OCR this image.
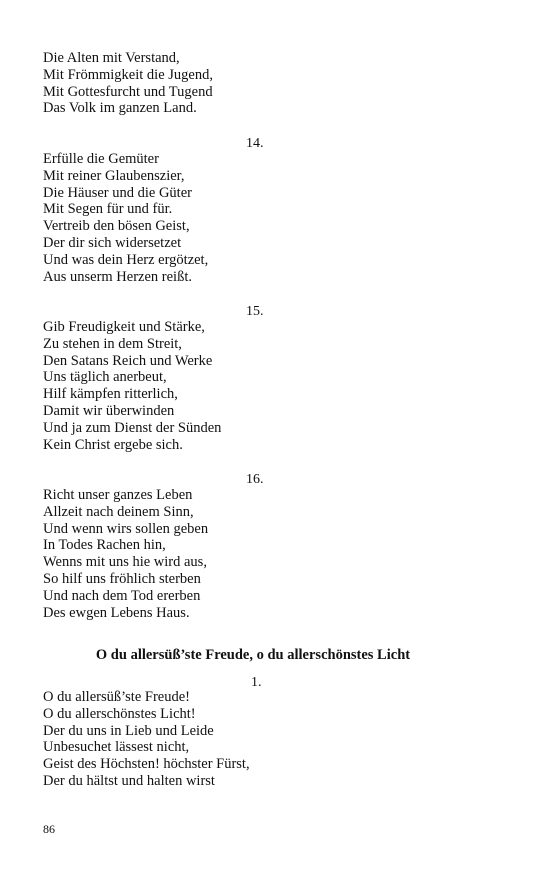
Die Alten mit Verstand,
Mit Frömmigkeit die Jugend,
Mit Gottesfurcht und Tugend
Das Volk im ganzen Land.
14.
Erfülle die Gemüter
Mit reiner Glaubenszier,
Die Häuser und die Güter
Mit Segen für und für.
Vertreib den bösen Geist,
Der dir sich widersetzet
Und was dein Herz ergötzet,
Aus unserm Herzen reißt.
15.
Gib Freudigkeit und Stärke,
Zu stehen in dem Streit,
Den Satans Reich und Werke
Uns täglich anerbeut,
Hilf kämpfen ritterlich,
Damit wir überwinden
Und ja zum Dienst der Sünden
Kein Christ ergebe sich.
16.
Richt unser ganzes Leben
Allzeit nach deinem Sinn,
Und wenn wirs sollen geben
In Todes Rachen hin,
Wenns mit uns hie wird aus,
So hilf uns fröhlich sterben
Und nach dem Tod ererben
Des ewgen Lebens Haus.
O du allersüß’ste Freude, o du allerschönstes Licht
1.
O du allersüß’ste Freude!
O du allerschönstes Licht!
Der du uns in Lieb und Leide
Unbesuchet lässest nicht,
Geist des Höchsten! höchster Fürst,
Der du hältst und halten wirst
86
